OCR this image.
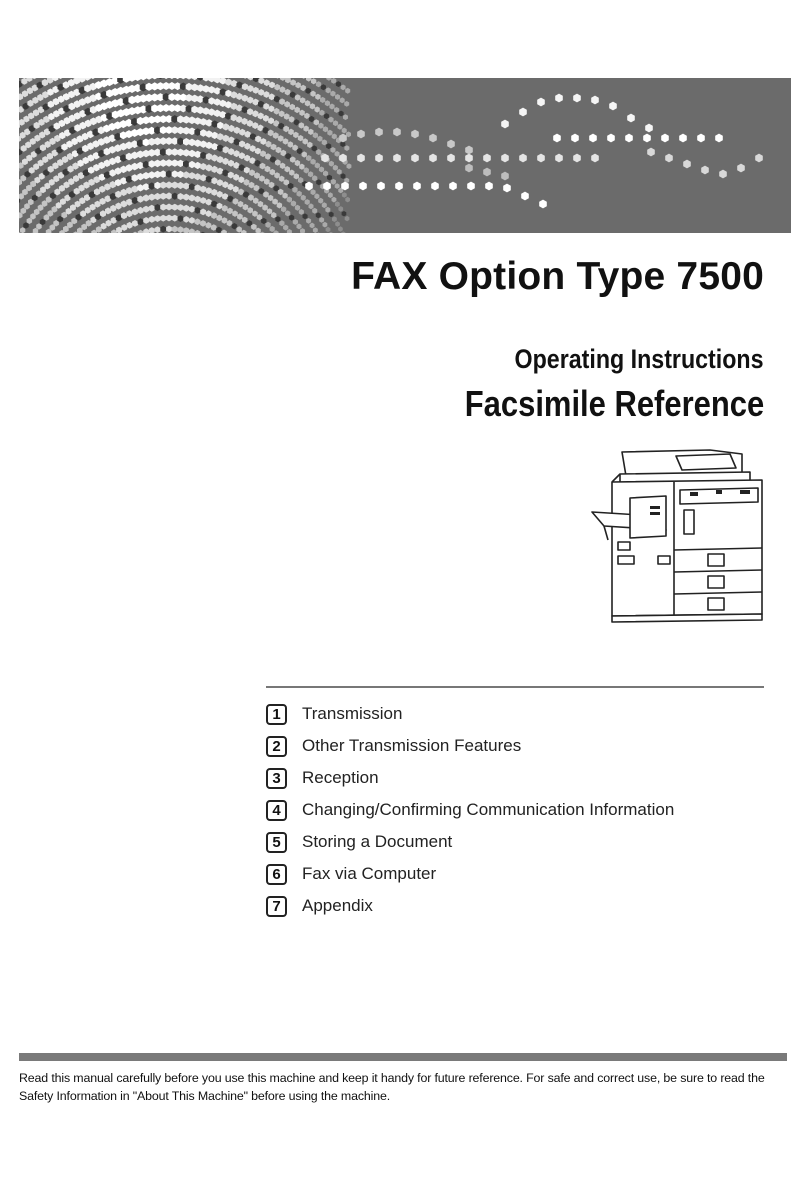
FAX Option Type 7500
Operating Instructions
Facsimile Reference
1	Transmission
2	Other Transmission Features
3	Reception
4	Changing/Confirming Communication Information
5	Storing a Document
6	Fax via Computer
7	Appendix

Read this manual carefully before you use this machine and keep it handy for future reference. For safe and correct use, be sure to read the Safety Information in "About This Machine" before using the machine.
